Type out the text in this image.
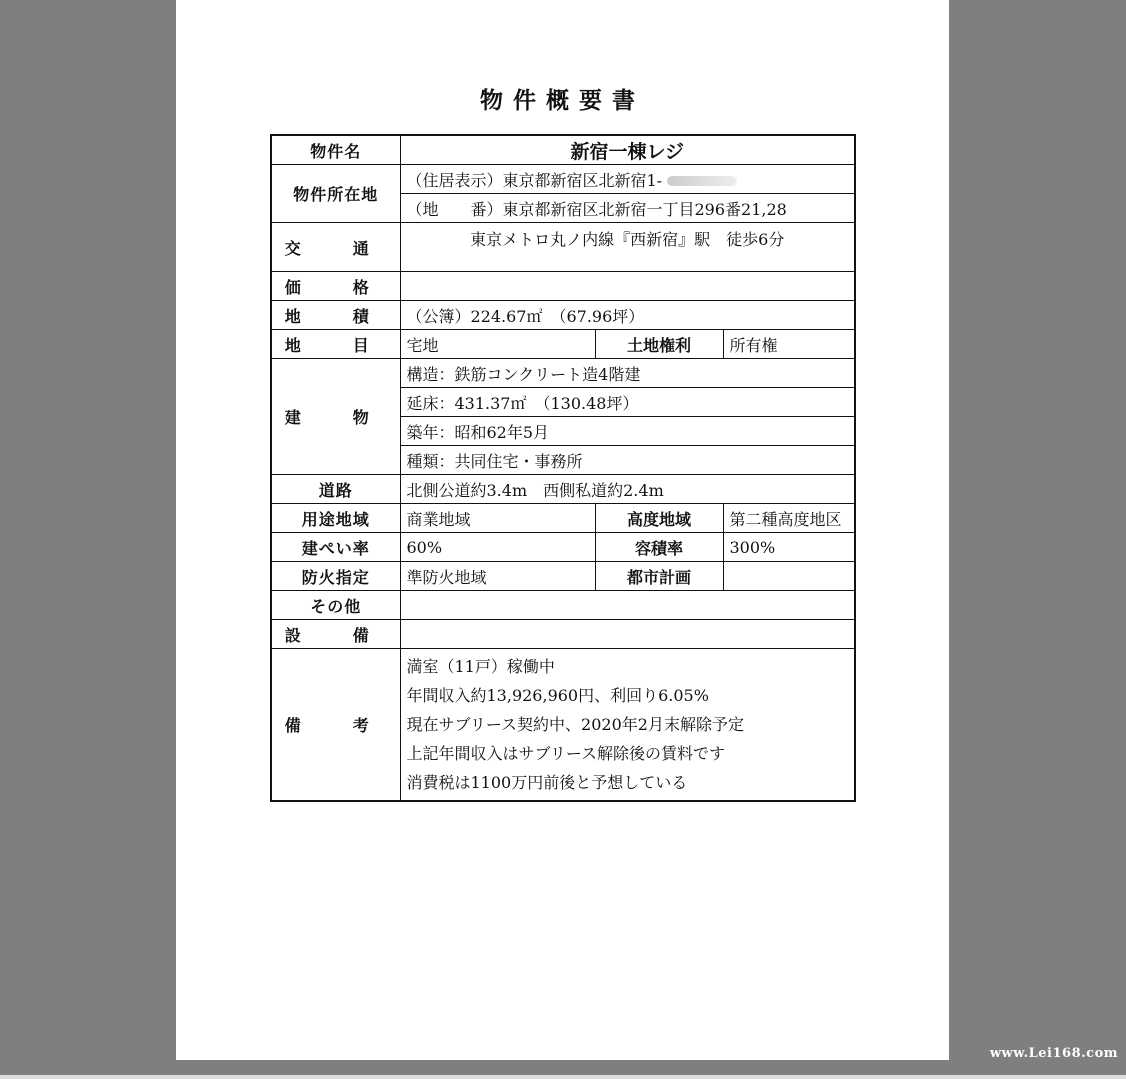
物件概要書
物件名	新宿一棟レジ		
物件所在地	（住居表示）東京都新宿区北新宿1-		
	（地　　番）東京都新宿区北新宿一丁目296番21,28		
交　通	東京メトロ丸ノ内線『西新宿』駅　徒歩6分		
価　格			
地　積	（公簿）224.67㎡　（67.96坪）		
地　目	宅地	土地権利	所有権
建　物	構造：鉄筋コンクリート造4階建		
	延床：431.37㎡　（130.48坪）		
	築年：昭和62年5月		
	種類：共同住宅・事務所		
道路	北側公道約3.4m　西側私道約2.4m		
用途地域	商業地域	高度地域	第二種高度地区
建ぺい率	60%	容積率	300%
防火指定	準防火地域	都市計画	
その他			
設　備			
備　考	満室（11戸）稼働中
年間収入約13,926,960円、利回り6.05%
現在サブリース契約中、2020年2月末解除予定
上記年間収入はサブリース解除後の賃料です
消費税は1100万円前後と予想している		
www.Lei168.com
